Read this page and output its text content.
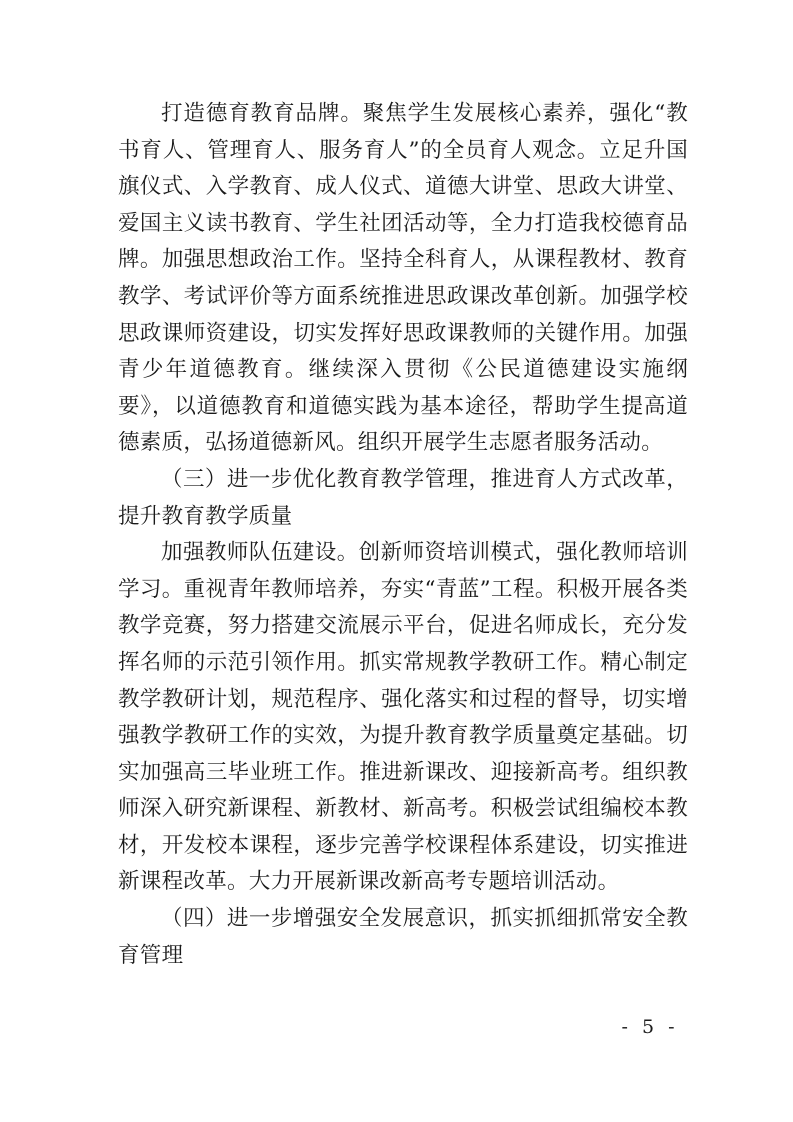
打造德育教育品牌。聚焦学生发展核心素养，强化“教书育人、管理育人、服务育人”的全员育人观念。立足升国旗仪式、入学教育、成人仪式、道德大讲堂、思政大讲堂、爱国主义读书教育、学生社团活动等，全力打造我校德育品牌。加强思想政治工作。坚持全科育人，从课程教材、教育教学、考试评价等方面系统推进思政课改革创新。加强学校思政课师资建设，切实发挥好思政课教师的关键作用。加强青少年道德教育。继续深入贯彻《公民道德建设实施纲要》，以道德教育和道德实践为基本途径，帮助学生提高道德素质，弘扬道德新风。组织开展学生志愿者服务活动。

（三）进一步优化教育教学管理，推进育人方式改革，提升教育教学质量

加强教师队伍建设。创新师资培训模式，强化教师培训学习。重视青年教师培养，夯实“青蓝”工程。积极开展各类教学竞赛，努力搭建交流展示平台，促进名师成长，充分发挥名师的示范引领作用。抓实常规教学教研工作。精心制定教学教研计划，规范程序、强化落实和过程的督导，切实增强教学教研工作的实效，为提升教育教学质量奠定基础。切实加强高三毕业班工作。推进新课改、迎接新高考。组织教师深入研究新课程、新教材、新高考。积极尝试组编校本教材，开发校本课程，逐步完善学校课程体系建设，切实推进新课程改革。大力开展新课改新高考专题培训活动。

（四）进一步增强安全发展意识，抓实抓细抓常安全教育管理

- 5 -
